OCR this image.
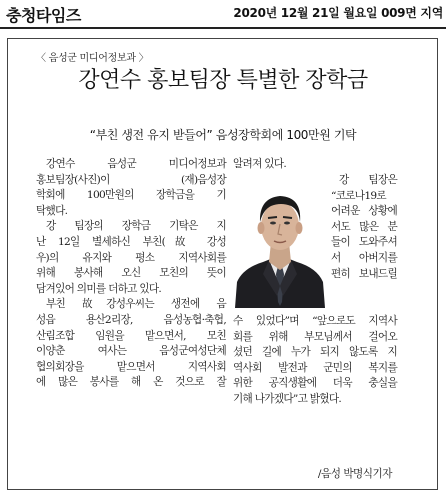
충청타임즈	2020년 12월 21일 월요일 009면 지역
〈 음성군 미디어정보과 〉
강연수 홍보팀장 특별한 장학금
“부친 생전 유지 받들어” 음성장학회에 100만원 기탁

강연수 음성군 미디어정보과

홍보팀장(사진)이 (재)음성장

학회에 100만원의 장학금을 기

탁했다.

강 팀장의 장학금 기탁은 지

난 12일 별세하신 부친(故 강성

우)의 유지와 평소 지역사회를

위해 봉사해 오신 모친의 뜻이

담겨있어 의미를 더하고 있다.

부친 故강성우씨는 생전에 음

성읍 용산2리장, 음성농협·축협,

산림조합 임원을 맡으면서, 모친

이양춘 여사는 음성군여성단체

협의회장을 맡으면서 지역사회

에 많은 봉사를 해 온 것으로 잘

알려져 있다.

강 팀장은

“코로나19로

어려운 상황에

서도 많은 분

들이 도와주셔

서 아버지를

편히 보내드릴

수 있었다”며 “앞으로도 지역사

회를 위해 부모님께서 걸어오

셨던 길에 누가 되지 않도록 지

역사회 발전과 군민의 복지를

위한 공직생활에 더욱 충실을

기해 나가겠다”고 밝혔다.

/음성 박명식기자
